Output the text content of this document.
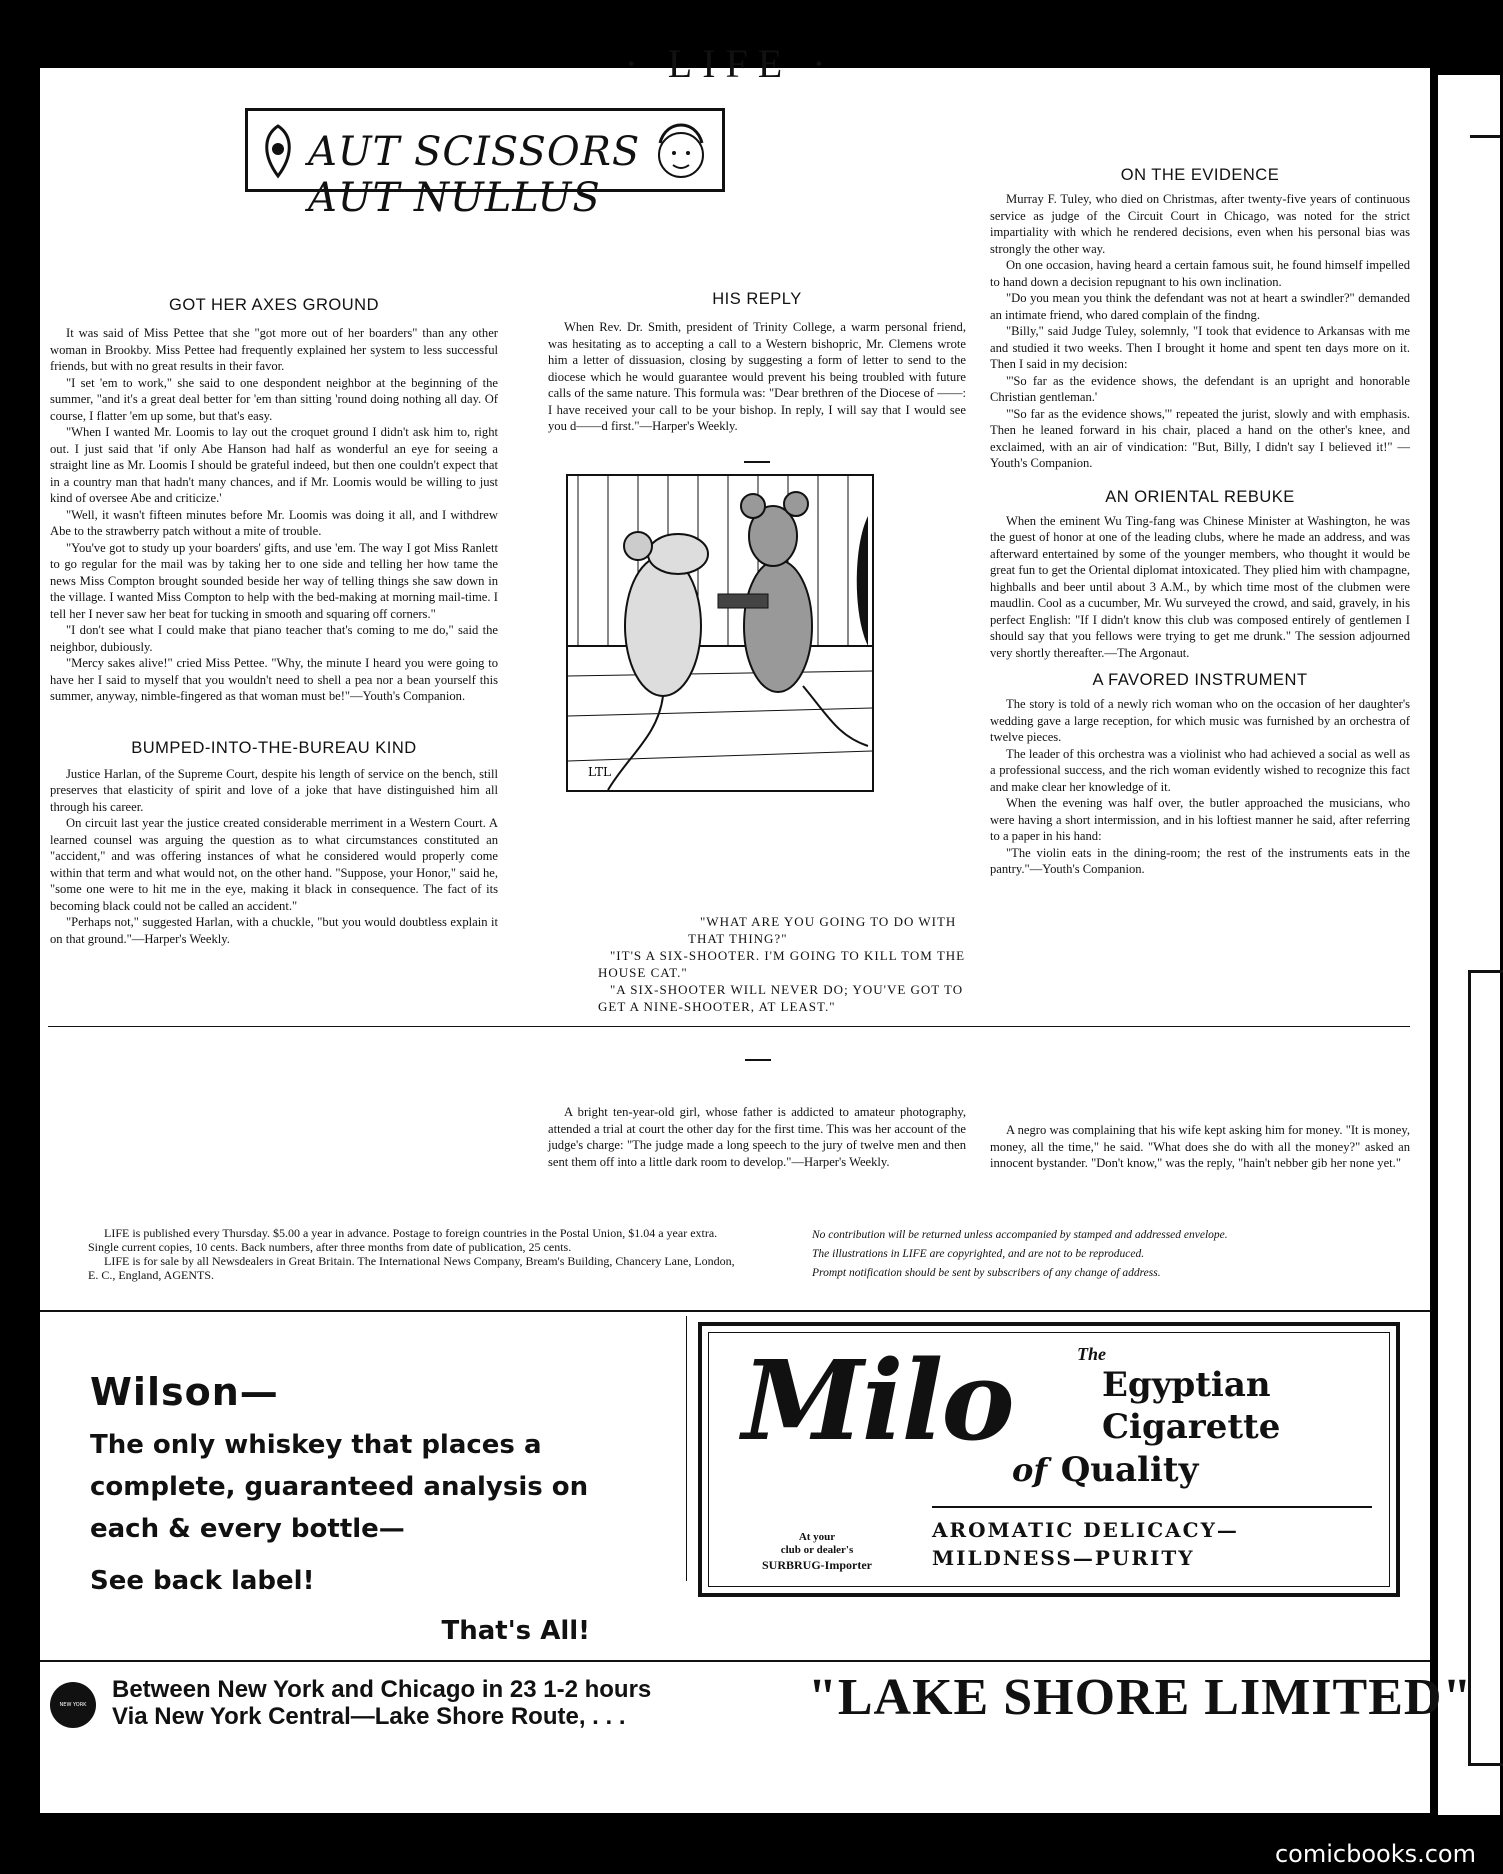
· LIFE ·
AUT SCISSORS AUT NULLUS
GOT HER AXES GROUND

It was said of Miss Pettee that she "got more out of her boarders" than any other woman in Brookby. Miss Pettee had frequently explained her system to less successful friends, but with no great results in their favor.

"I set 'em to work," she said to one despondent neighbor at the beginning of the summer, "and it's a great deal better for 'em than sitting 'round doing nothing all day. Of course, I flatter 'em up some, but that's easy.

"When I wanted Mr. Loomis to lay out the croquet ground I didn't ask him to, right out. I just said that 'if only Abe Hanson had half as wonderful an eye for seeing a straight line as Mr. Loomis I should be grateful indeed, but then one couldn't expect that in a country man that hadn't many chances, and if Mr. Loomis would be willing to just kind of oversee Abe and criticize.'

"Well, it wasn't fifteen minutes before Mr. Loomis was doing it all, and I withdrew Abe to the strawberry patch without a mite of trouble.

"You've got to study up your boarders' gifts, and use 'em. The way I got Miss Ranlett to go regular for the mail was by taking her to one side and telling her how tame the news Miss Compton brought sounded beside her way of telling things she saw down in the village. I wanted Miss Compton to help with the bed-making at morning mail-time. I tell her I never saw her beat for tucking in smooth and squaring off corners."

"I don't see what I could make that piano teacher that's coming to me do," said the neighbor, dubiously.

"Mercy sakes alive!" cried Miss Pettee. "Why, the minute I heard you were going to have her I said to myself that you wouldn't need to shell a pea nor a bean yourself this summer, anyway, nimble-fingered as that woman must be!"—Youth's Companion.

BUMPED-INTO-THE-BUREAU KIND

Justice Harlan, of the Supreme Court, despite his length of service on the bench, still preserves that elasticity of spirit and love of a joke that have distinguished him all through his career.

On circuit last year the justice created considerable merriment in a Western Court. A learned counsel was arguing the question as to what circumstances constituted an "accident," and was offering instances of what he considered would properly come within that term and what would not, on the other hand. "Suppose, your Honor," said he, "some one were to hit me in the eye, making it black in consequence. The fact of its becoming black could not be called an accident."

"Perhaps not," suggested Harlan, with a chuckle, "but you would doubtless explain it on that ground."—Harper's Weekly.

HIS REPLY

When Rev. Dr. Smith, president of Trinity College, a warm personal friend, was hesitating as to accepting a call to a Western bishopric, Mr. Clemens wrote him a letter of dissuasion, closing by suggesting a form of letter to send to the diocese which he would guarantee would prevent his being troubled with future calls of the same nature. This formula was: "Dear brethren of the Diocese of ——: I have received your call to be your bishop. In reply, I will say that I would see you d——d first."—Harper's Weekly.

LTL

"WHAT ARE YOU GOING TO DO WITH THAT THING?"

"IT'S A SIX-SHOOTER. I'M GOING TO KILL TOM THE HOUSE CAT."

"A SIX-SHOOTER WILL NEVER DO; YOU'VE GOT TO GET A NINE-SHOOTER, AT LEAST."

A bright ten-year-old girl, whose father is addicted to amateur photography, attended a trial at court the other day for the first time. This was her account of the judge's charge: "The judge made a long speech to the jury of twelve men and then sent them off into a little dark room to develop."—Harper's Weekly.

ON THE EVIDENCE

Murray F. Tuley, who died on Christmas, after twenty-five years of continuous service as judge of the Circuit Court in Chicago, was noted for the strict impartiality with which he rendered decisions, even when his personal bias was strongly the other way.

On one occasion, having heard a certain famous suit, he found himself impelled to hand down a decision repugnant to his own inclination.

"Do you mean you think the defendant was not at heart a swindler?" demanded an intimate friend, who dared complain of the findng.

"Billy," said Judge Tuley, solemnly, "I took that evidence to Arkansas with me and studied it two weeks. Then I brought it home and spent ten days more on it. Then I said in my decision:

"'So far as the evidence shows, the defendant is an upright and honorable Christian gentleman.'

"'So far as the evidence shows,'" repeated the jurist, slowly and with emphasis. Then he leaned forward in his chair, placed a hand on the other's knee, and exclaimed, with an air of vindication: "But, Billy, I didn't say I believed it!" —Youth's Companion.

AN ORIENTAL REBUKE

When the eminent Wu Ting-fang was Chinese Minister at Washington, he was the guest of honor at one of the leading clubs, where he made an address, and was afterward entertained by some of the younger members, who thought it would be great fun to get the Oriental diplomat intoxicated. They plied him with champagne, highballs and beer until about 3 A.M., by which time most of the clubmen were maudlin. Cool as a cucumber, Mr. Wu surveyed the crowd, and said, gravely, in his perfect English: "If I didn't know this club was composed entirely of gentlemen I should say that you fellows were trying to get me drunk." The session adjourned very shortly thereafter.—The Argonaut.

A FAVORED INSTRUMENT

The story is told of a newly rich woman who on the occasion of her daughter's wedding gave a large reception, for which music was furnished by an orchestra of twelve pieces.

The leader of this orchestra was a violinist who had achieved a social as well as a professional success, and the rich woman evidently wished to recognize this fact and make clear her knowledge of it.

When the evening was half over, the butler approached the musicians, who were having a short intermission, and in his loftiest manner he said, after referring to a paper in his hand:

"The violin eats in the dining-room; the rest of the instruments eats in the pantry."—Youth's Companion.

A negro was complaining that his wife kept asking him for money. "It is money, money, all the time," he said. "What does she do with all the money?" asked an innocent bystander. "Don't know," was the reply, "hain't nebber gib her none yet."

LIFE is published every Thursday. $5.00 a year in advance. Postage to foreign countries in the Postal Union, $1.04 a year extra. Single current copies, 10 cents. Back numbers, after three months from date of publication, 25 cents.

LIFE is for sale by all Newsdealers in Great Britain. The International News Company, Bream's Building, Chancery Lane, London, E. C., England, AGENTS.

No contribution will be returned unless accompanied by stamped and addressed envelope.

The illustrations in LIFE are copyrighted, and are not to be reproduced.

Prompt notification should be sent by subscribers of any change of address.

Wilson—
The only whiskey that places a complete, guaranteed analysis on each & every bottle—
See back label!
That's All!
Milo	The
Egyptian
Cigarette
of Quality
AROMATIC DELICACY—
MILDNESS—PURITY
At your
club or dealer's
SURBRUG-Importer
NEW YORK CENTRAL LINES
Between New York and Chicago in 23 1-2 hours
Via New York Central—Lake Shore Route, . . .	"LAKE SHORE LIMITED"
comicbooks.com
